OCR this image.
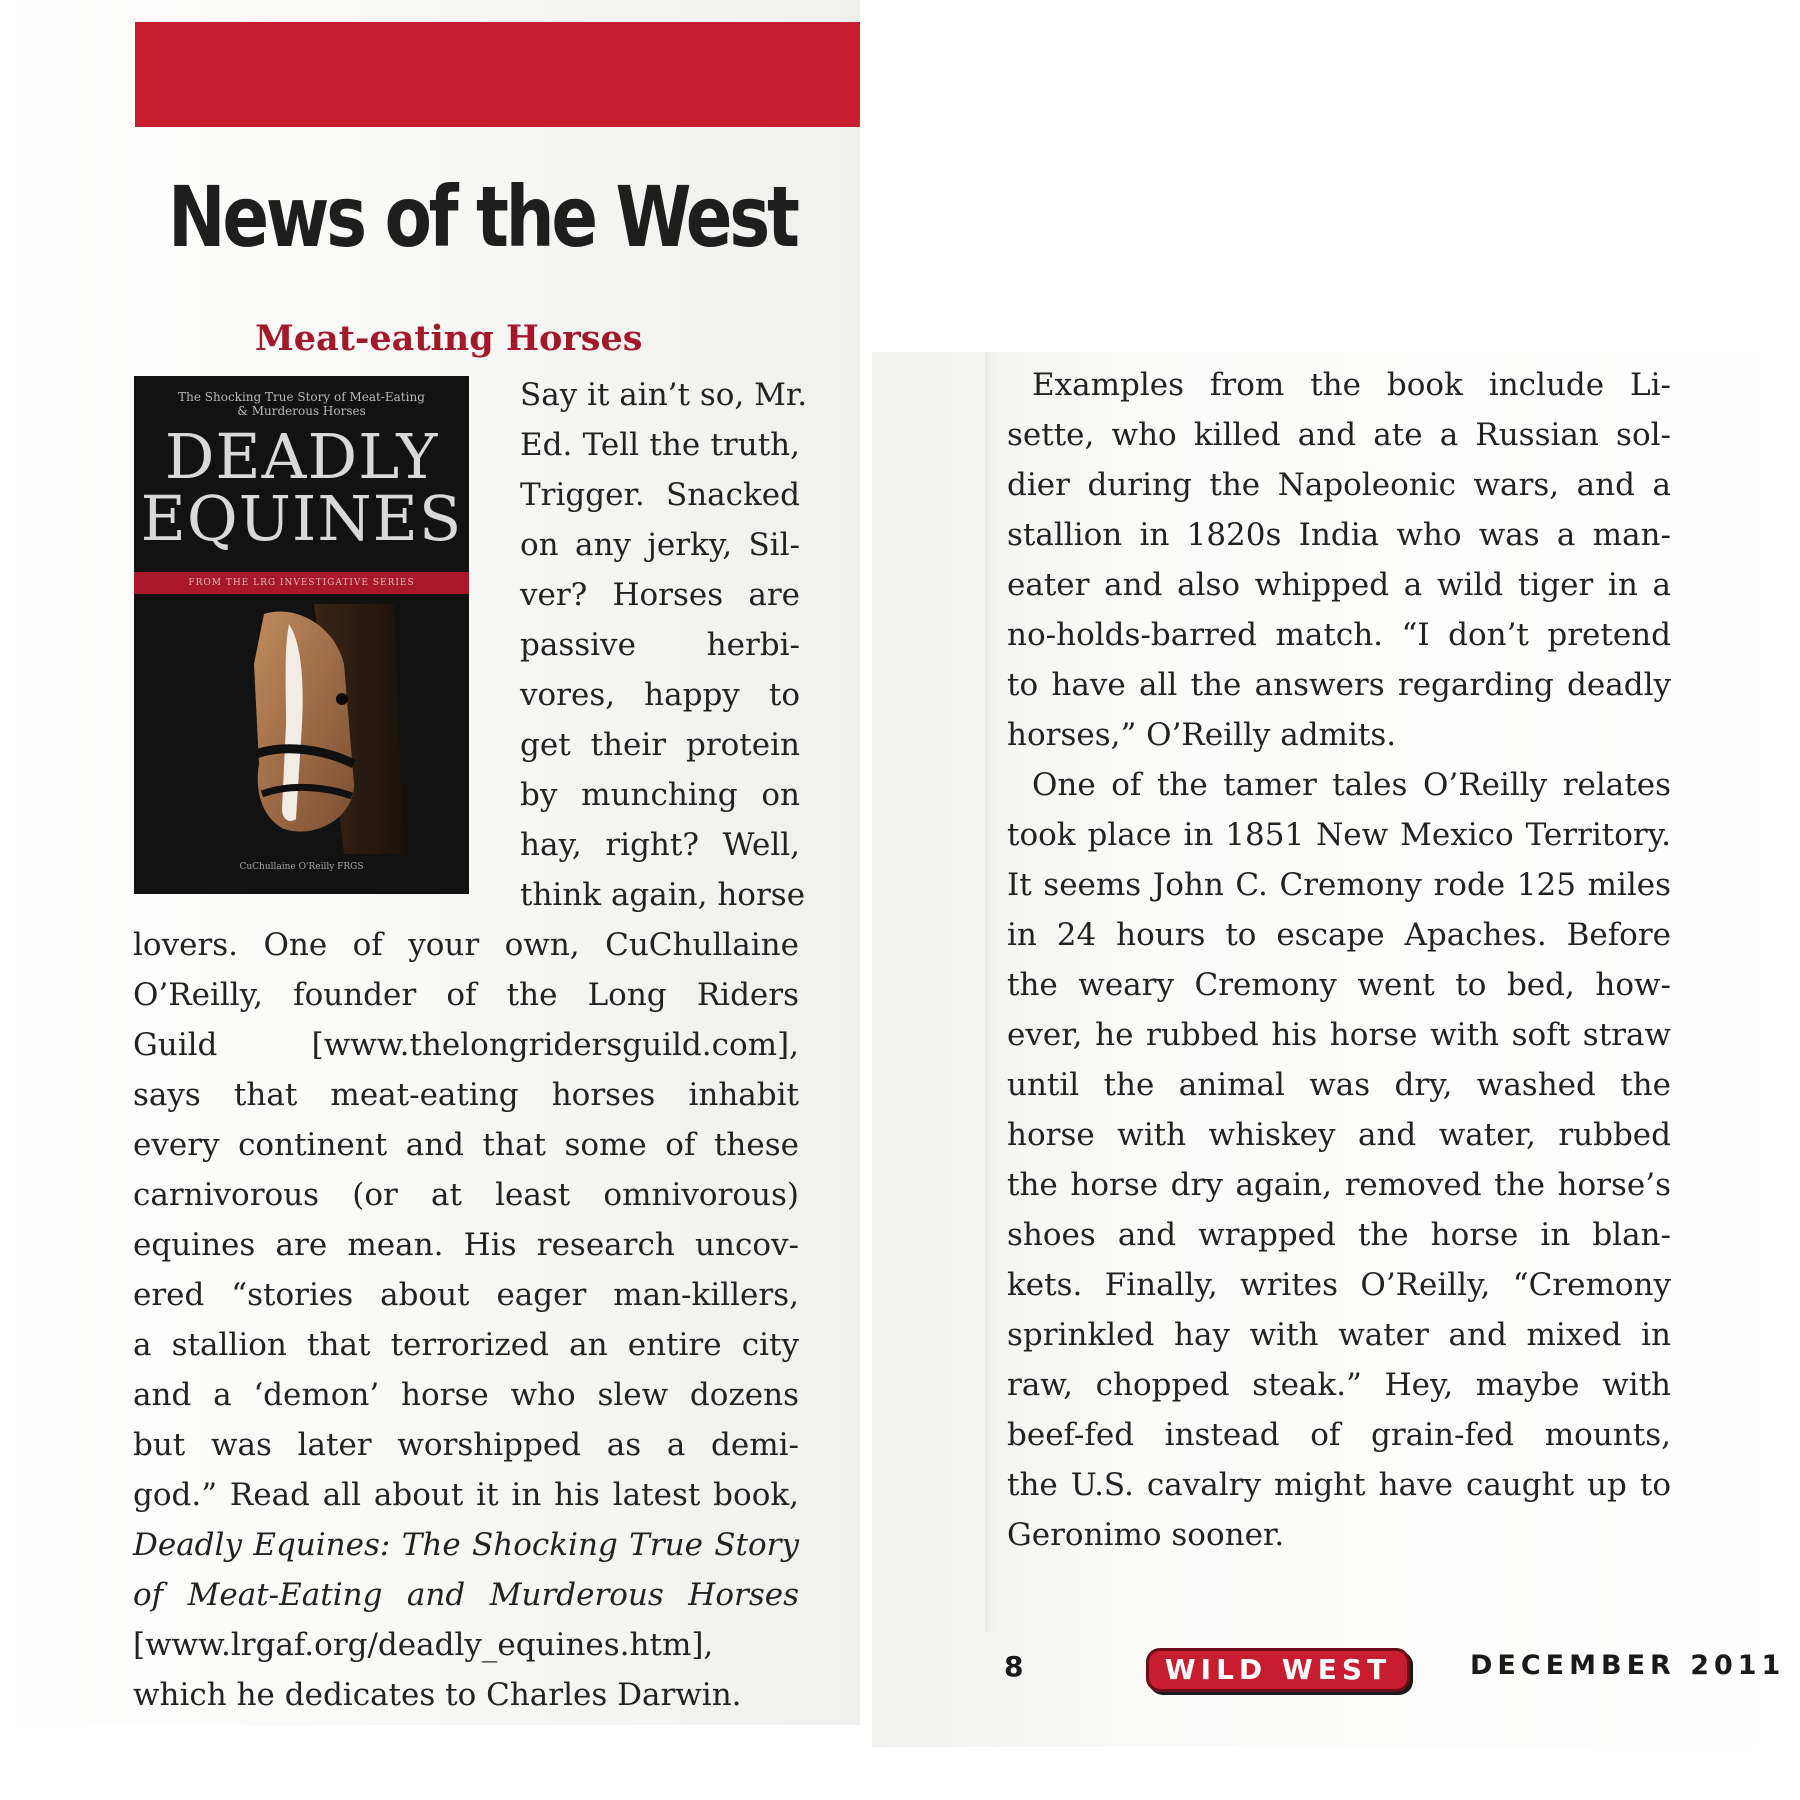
News of the West
Meat-eating Horses
The Shocking True Story of Meat-Eating
& Murderous Horses
DEADLY
EQUINES
FROM THE LRG INVESTIGATIVE SERIES
CuChullaine O'Reilly FRGS

Say it ain’t so, Mr.

Ed. Tell the truth,

Trigger. Snacked

on any jerky, Sil-

ver? Horses are

passive herbi-

vores, happy to

get their protein

by munching on

hay, right? Well,

think again, horse

lovers. One of your own, CuChullaine

O’Reilly, founder of the Long Riders

Guild [www.thelongridersguild.com],

says that meat-eating horses inhabit

every continent and that some of these

carnivorous (or at least omnivorous)

equines are mean. His research uncov-

ered “stories about eager man-killers,

a stallion that terrorized an entire city

and a ‘demon’ horse who slew dozens

but was later worshipped as a demi-

god.” Read all about it in his latest book,

Deadly Equines: The Shocking True Story

of Meat-Eating and Murderous Horses

[www.lrgaf.org/deadly_equines.htm],

which he dedicates to Charles Darwin.

Examples from the book include Li-

sette, who killed and ate a Russian sol-

dier during the Napoleonic wars, and a

stallion in 1820s India who was a man-

eater and also whipped a wild tiger in a

no-holds-barred match. “I don’t pretend

to have all the answers regarding deadly

horses,” O’Reilly admits.

One of the tamer tales O’Reilly relates

took place in 1851 New Mexico Territory.

It seems John C. Cremony rode 125 miles

in 24 hours to escape Apaches. Before

the weary Cremony went to bed, how-

ever, he rubbed his horse with soft straw

until the animal was dry, washed the

horse with whiskey and water, rubbed

the horse dry again, removed the horse’s

shoes and wrapped the horse in blan-

kets. Finally, writes O’Reilly, “Cremony

sprinkled hay with water and mixed in

raw, chopped steak.” Hey, maybe with

beef-fed instead of grain-fed mounts,

the U.S. cavalry might have caught up to

Geronimo sooner.

8	WILD WEST	DECEMBER 2011
